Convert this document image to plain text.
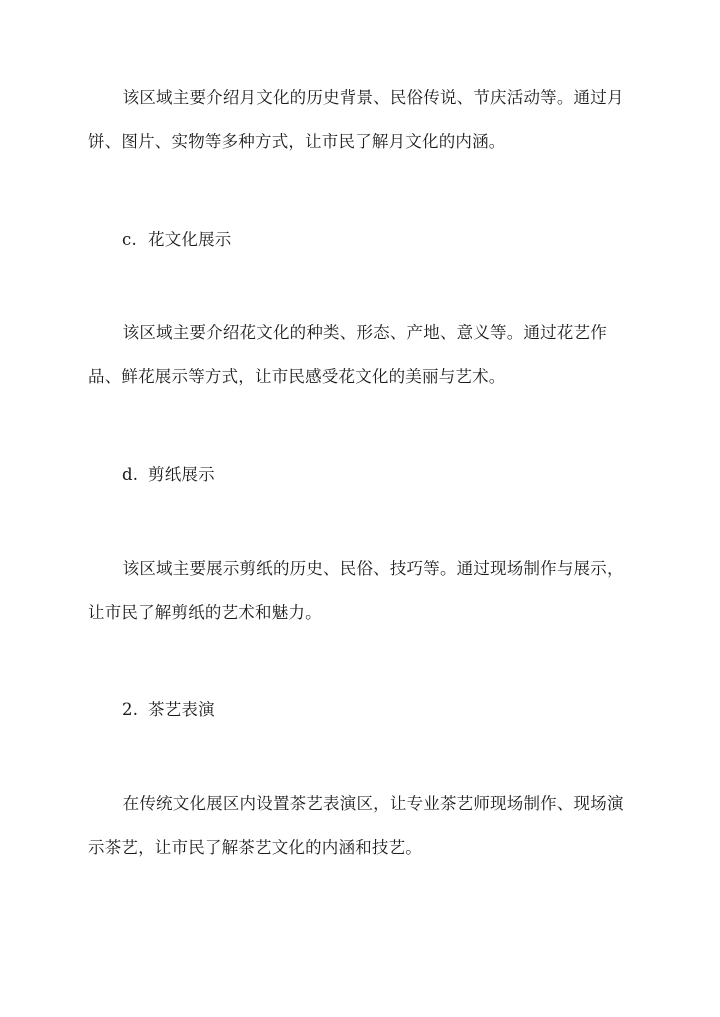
该区域主要介绍月文化的历史背景、民俗传说、节庆活动等。通过月饼、图片、实物等多种方式，让市民了解月文化的内涵。

c. 花文化展示

该区域主要介绍花文化的种类、形态、产地、意义等。通过花艺作品、鲜花展示等方式，让市民感受花文化的美丽与艺术。

d. 剪纸展示

该区域主要展示剪纸的历史、民俗、技巧等。通过现场制作与展示，让市民了解剪纸的艺术和魅力。

2. 茶艺表演

在传统文化展区内设置茶艺表演区，让专业茶艺师现场制作、现场演示茶艺，让市民了解茶艺文化的内涵和技艺。
